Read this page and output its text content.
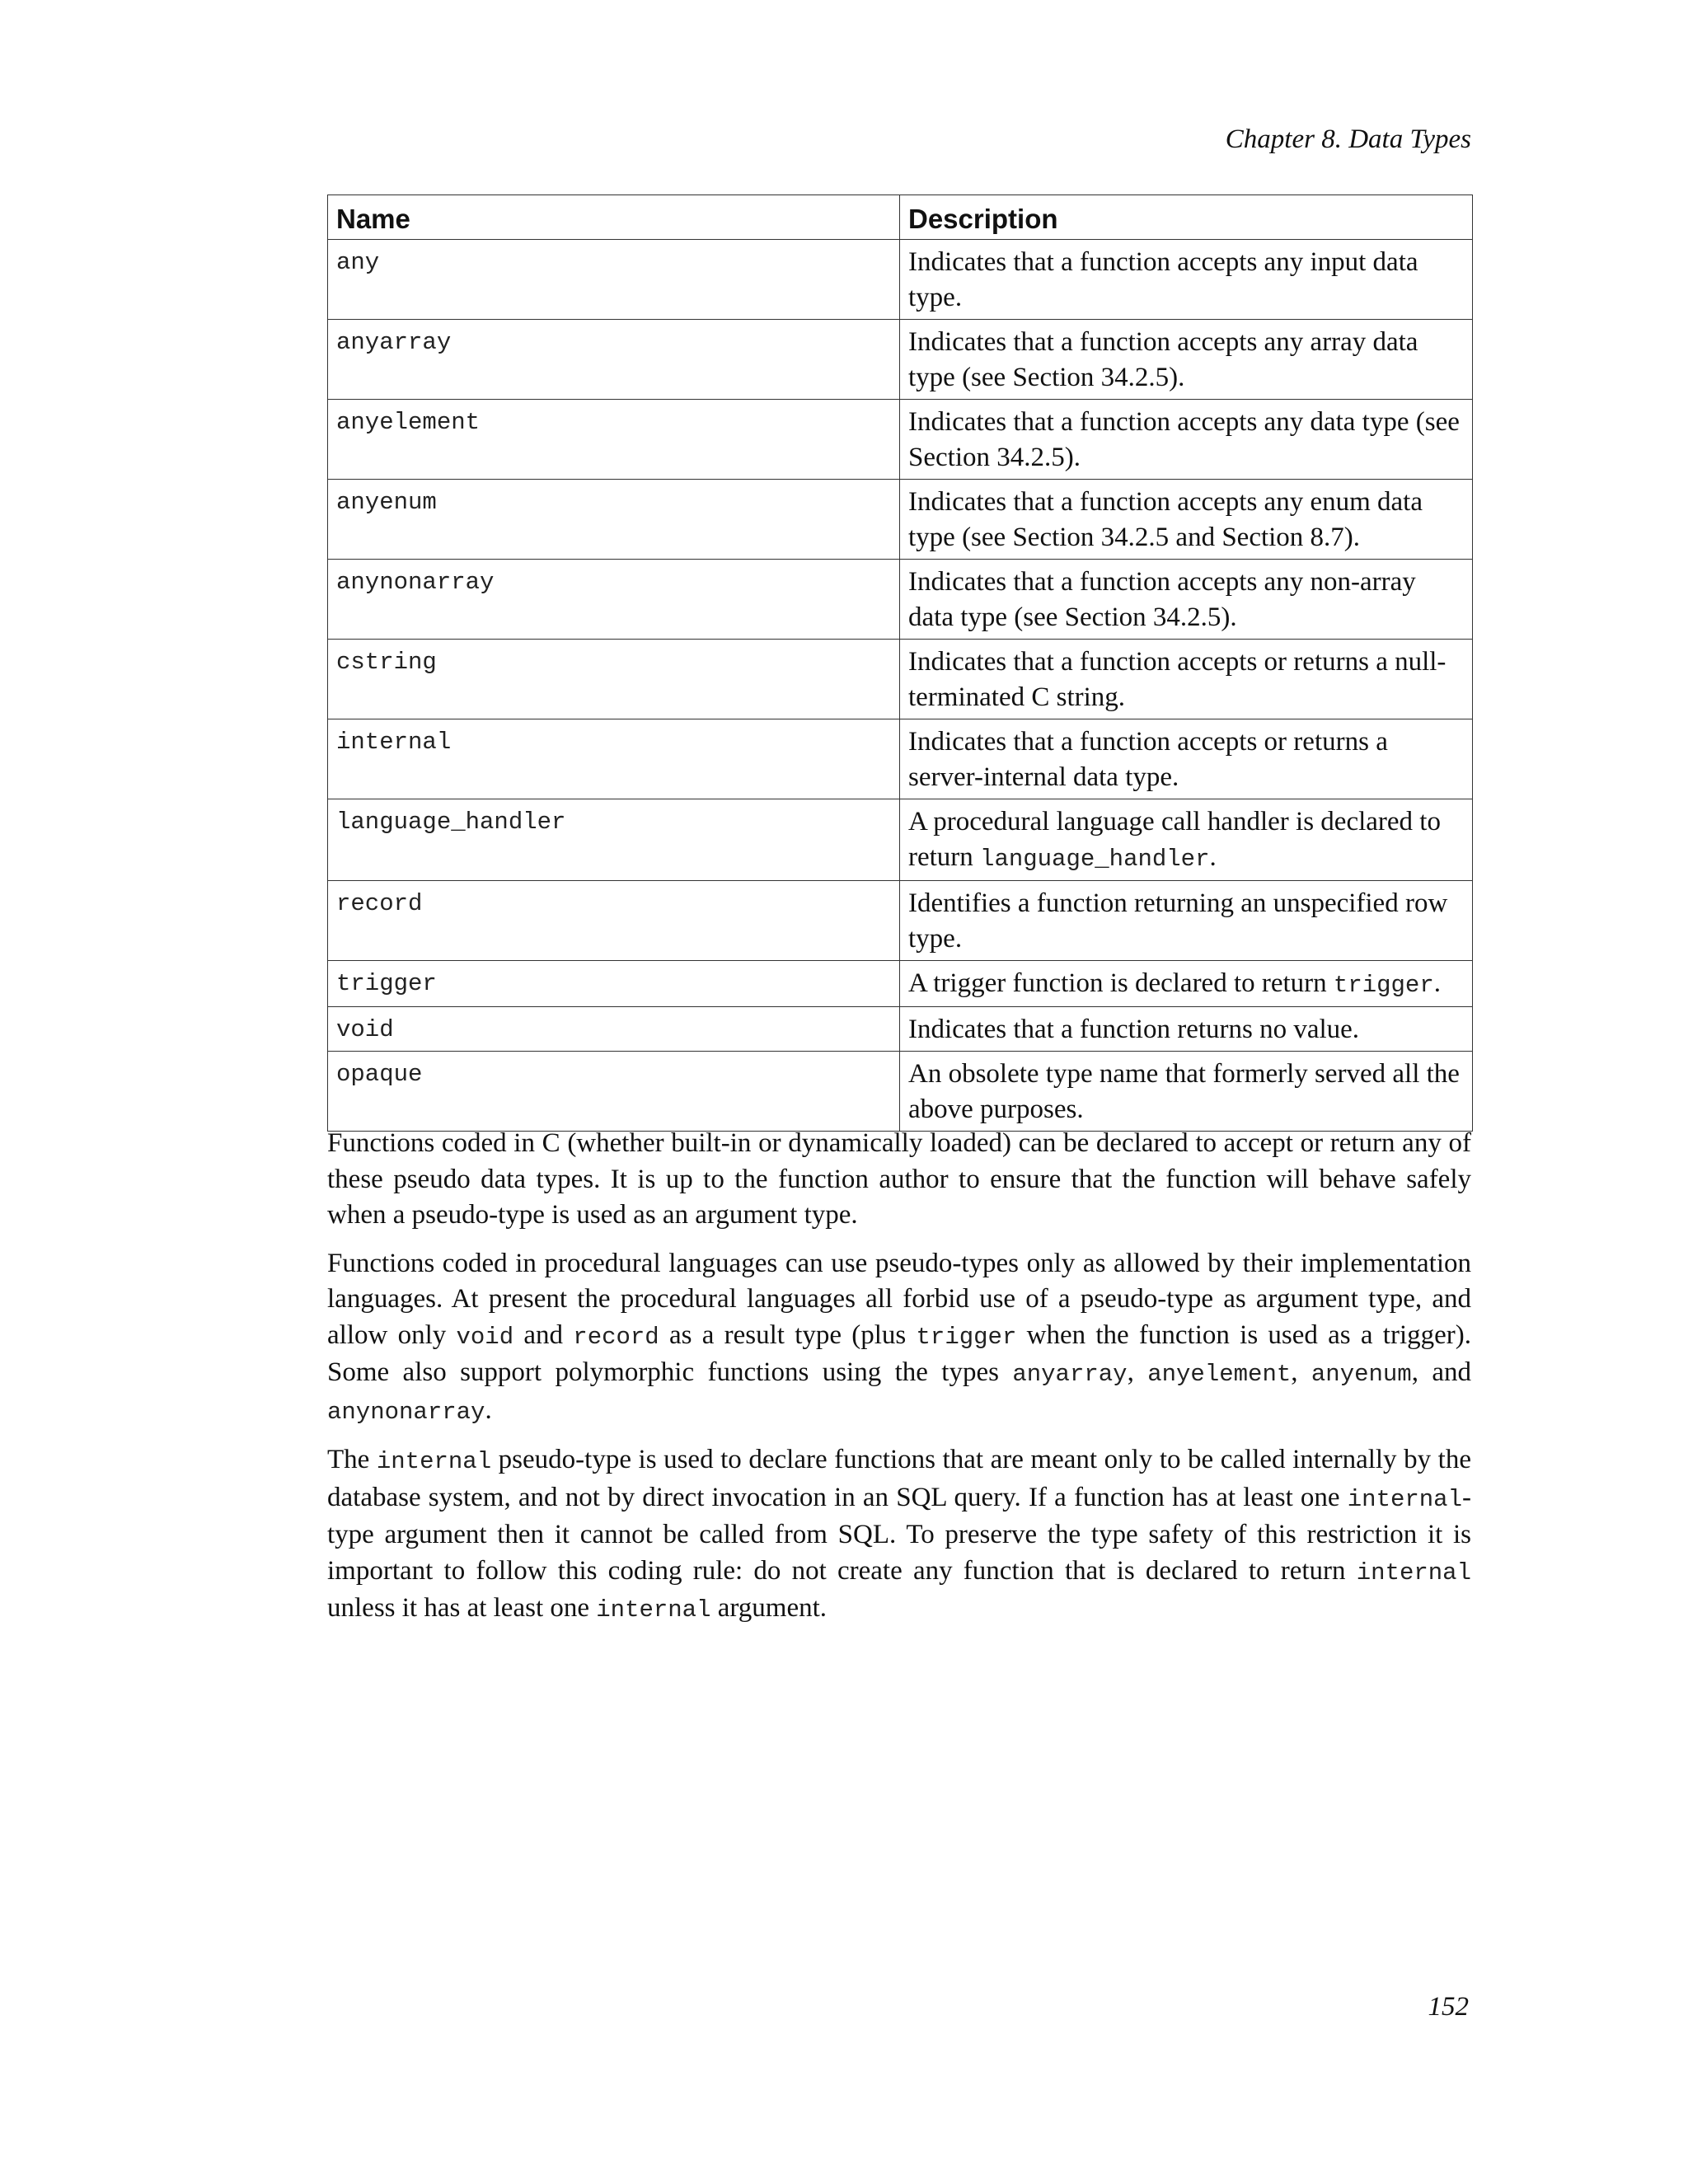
Chapter 8. Data Types
Name	Description
any	Indicates that a function accepts any input data type.
anyarray	Indicates that a function accepts any array data type (see Section 34.2.5).
anyelement	Indicates that a function accepts any data type (see Section 34.2.5).
anyenum	Indicates that a function accepts any enum data type (see Section 34.2.5 and Section 8.7).
anynonarray	Indicates that a function accepts any non-array data type (see Section 34.2.5).
cstring	Indicates that a function accepts or returns a null-terminated C string.
internal	Indicates that a function accepts or returns a server-internal data type.
language_handler	A procedural language call handler is declared to return language_handler.
record	Identifies a function returning an unspecified row type.
trigger	A trigger function is declared to return trigger.
void	Indicates that a function returns no value.
opaque	An obsolete type name that formerly served all the above purposes.

Functions coded in C (whether built-in or dynamically loaded) can be declared to accept or return any of these pseudo data types. It is up to the function author to ensure that the function will behave safely when a pseudo-type is used as an argument type.

Functions coded in procedural languages can use pseudo-types only as allowed by their implementation languages. At present the procedural languages all forbid use of a pseudo-type as argument type, and allow only void and record as a result type (plus trigger when the function is used as a trigger). Some also support polymorphic functions using the types anyarray, anyelement, anyenum, and anynonarray.

The internal pseudo-type is used to declare functions that are meant only to be called internally by the database system, and not by direct invocation in an SQL query. If a function has at least one internal-type argument then it cannot be called from SQL. To preserve the type safety of this restriction it is important to follow this coding rule: do not create any function that is declared to return internal unless it has at least one internal argument.

152
